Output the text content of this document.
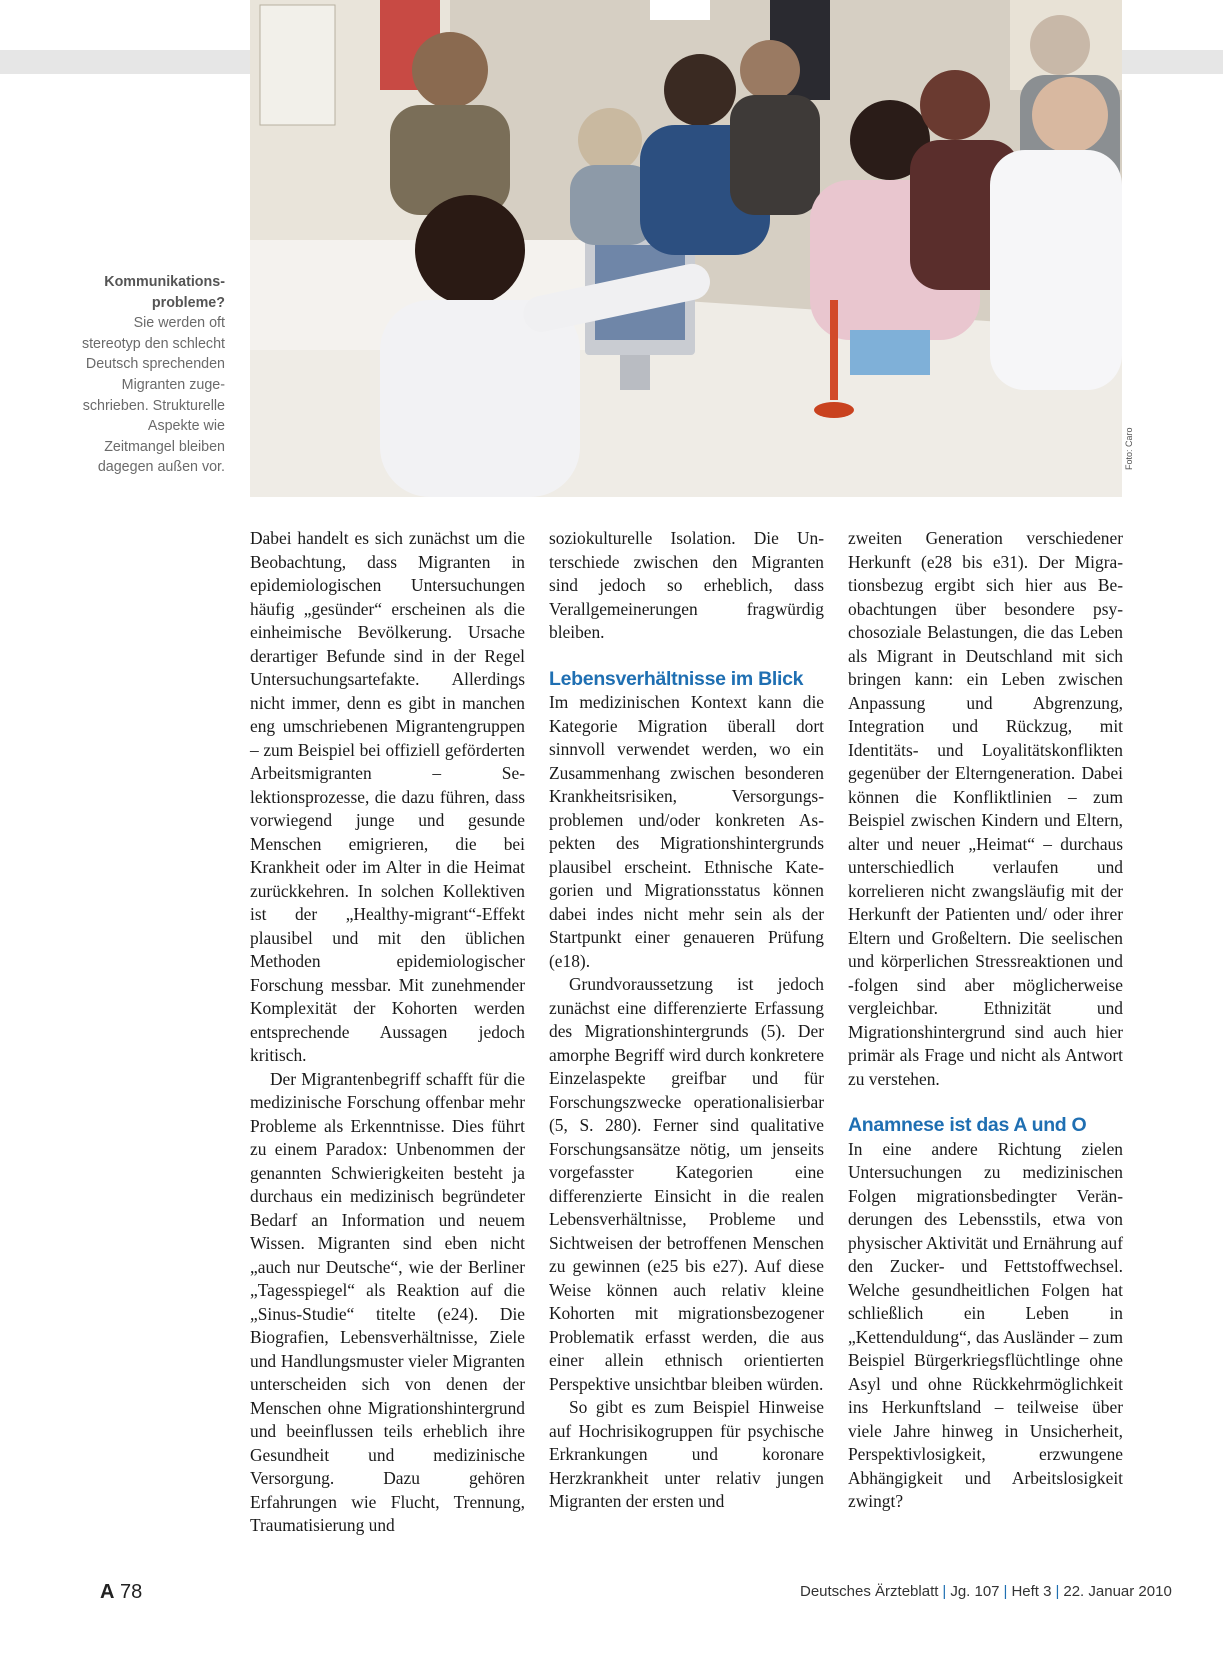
Kommunikationsprobleme?
Sie werden oft stereotyp den schlecht Deutsch sprechenden Migranten zugeschrieben. Strukturelle Aspekte wie Zeitmangel bleiben dagegen außen vor.	Foto: Caro

Dabei handelt es sich zunächst um die Beobachtung, dass Migranten in epidemiologischen Untersuchungen häufig „gesünder“ erscheinen als die einheimische Bevölkerung. Ursache derartiger Befunde sind in der Regel Untersuchungsartefakte. Allerdings nicht immer, denn es gibt in manchen eng umschriebenen Migrantengruppen – zum Beispiel bei offiziell geförderten Arbeitsmigranten – Selektionsprozesse, die dazu führen, dass vorwiegend junge und gesunde Menschen emigrieren, die bei Krankheit oder im Alter in die Heimat zurückkehren. In solchen Kollektiven ist der „Healthy-migrant“-Effekt plausibel und mit den üblichen Methoden epidemiologischer Forschung messbar. Mit zunehmender Komplexität der Kohorten werden entsprechende Aussagen jedoch kritisch.

Der Migrantenbegriff schafft für die medizinische Forschung offenbar mehr Probleme als Erkenntnisse. Dies führt zu einem Paradox: Unbenommen der genannten Schwierigkeiten besteht ja durchaus ein medizinisch begründeter Bedarf an Information und neuem Wissen. Migranten sind eben nicht „auch nur Deutsche“, wie der Berliner „Tagesspiegel“ als Reaktion auf die „Sinus-Studie“ titelte (e24). Die Biografien, Lebensverhältnisse, Ziele und Handlungsmuster vieler Migranten unterscheiden sich von denen der Menschen ohne Migrationshintergrund und beeinflussen teils erheblich ihre Gesundheit und medizinische Versorgung. Dazu gehören Erfahrungen wie Flucht, Trennung, Traumatisierung und

soziokulturelle Isolation. Die Unterschiede zwischen den Migranten sind jedoch so erheblich, dass Verallgemeinerungen fragwürdig bleiben.

Lebensverhältnisse im Blick

Im medizinischen Kontext kann die Kategorie Migration überall dort sinnvoll verwendet werden, wo ein Zusammenhang zwischen besonderen Krankheitsrisiken, Versorgungsproblemen und/oder konkreten Aspekten des Migrationshintergrunds plausibel erscheint. Ethnische Kategorien und Migrationsstatus können dabei indes nicht mehr sein als der Startpunkt einer genaueren Prüfung (e18).

Grundvoraussetzung ist jedoch zunächst eine differenzierte Erfassung des Migrationshintergrunds (5). Der amorphe Begriff wird durch konkretere Einzelaspekte greifbar und für Forschungszwecke operationalisierbar (5, S. 280). Ferner sind qualitative Forschungsansätze nötig, um jenseits vorgefasster Kategorien eine differenzierte Einsicht in die realen Lebensverhältnisse, Probleme und Sichtweisen der betroffenen Menschen zu gewinnen (e25 bis e27). Auf diese Weise können auch relativ kleine Kohorten mit migrationsbezogener Problematik erfasst werden, die aus einer allein ethnisch orientierten Perspektive unsichtbar bleiben würden.

So gibt es zum Beispiel Hinweise auf Hochrisikogruppen für psychische Erkrankungen und koronare Herzkrankheit unter relativ jungen Migranten der ersten und

zweiten Generation verschiedener Herkunft (e28 bis e31). Der Migrationsbezug ergibt sich hier aus Beobachtungen über besondere psychosoziale Belastungen, die das Leben als Migrant in Deutschland mit sich bringen kann: ein Leben zwischen Anpassung und Abgrenzung, Integration und Rückzug, mit Identitäts- und Loyalitätskonflikten gegenüber der Elterngeneration. Dabei können die Konfliktlinien – zum Beispiel zwischen Kindern und Eltern, alter und neuer „Heimat“ – durchaus unterschiedlich verlaufen und korrelieren nicht zwangsläufig mit der Herkunft der Patienten und/ oder ihrer Eltern und Großeltern. Die seelischen und körperlichen Stressreaktionen und -folgen sind aber möglicherweise vergleichbar. Ethnizität und Migrationshintergrund sind auch hier primär als Frage und nicht als Antwort zu verstehen.

Anamnese ist das A und O

In eine andere Richtung zielen Untersuchungen zu medizinischen Folgen migrationsbedingter Veränderungen des Lebensstils, etwa von physischer Aktivität und Ernährung auf den Zucker- und Fettstoffwechsel. Welche gesundheitlichen Folgen hat schließlich ein Leben in „Kettenduldung“, das Ausländer – zum Beispiel Bürgerkriegsflüchtlinge ohne Asyl und ohne Rückkehrmöglichkeit ins Herkunftsland – teilweise über viele Jahre hinweg in Unsicherheit, Perspektivlosigkeit, erzwungene Abhängigkeit und Arbeitslosigkeit zwingt?

A 78	Deutsches Ärzteblatt | Jg. 107 | Heft 3 | 22. Januar 2010
